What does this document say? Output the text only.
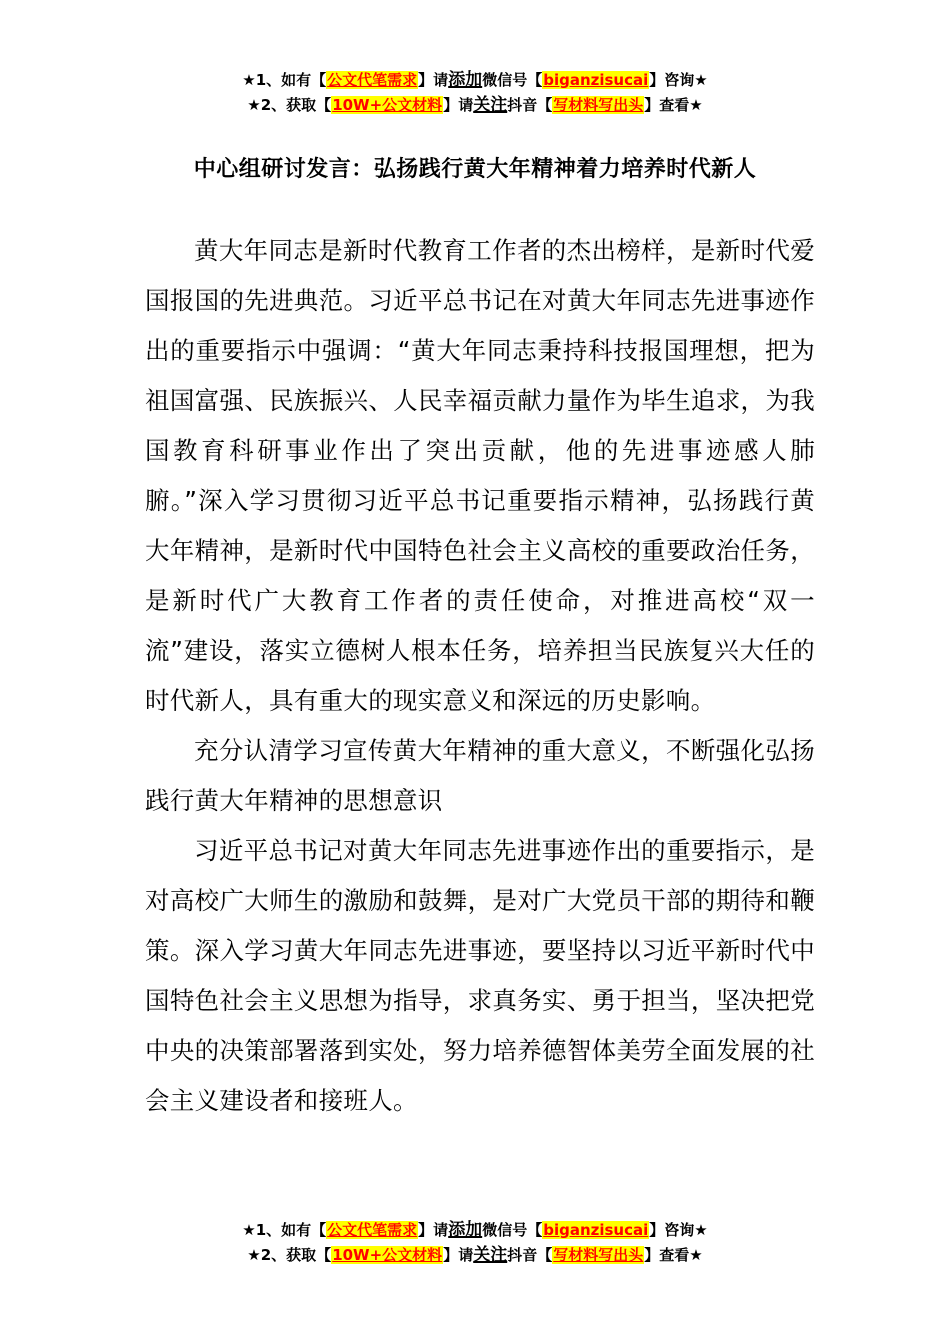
★1、如有【公文代笔需求】请添加微信号【biganzisucai】咨询★
★2、获取【10W+公文材料】请关注抖音【写材料写出头】查看★
中心组研讨发言：弘扬践行黄大年精神着力培养时代新人

黄大年同志是新时代教育工作者的杰出榜样，是新时代爱国报国的先进典范。习近平总书记在对黄大年同志先进事迹作出的重要指示中强调：“黄大年同志秉持科技报国理想，把为祖国富强、民族振兴、人民幸福贡献力量作为毕生追求，为我国教育科研事业作出了突出贡献，他的先进事迹感人肺腑。”深入学习贯彻习近平总书记重要指示精神，弘扬践行黄大年精神，是新时代中国特色社会主义高校的重要政治任务，是新时代广大教育工作者的责任使命，对推进高校“双一流”建设，落实立德树人根本任务，培养担当民族复兴大任的时代新人，具有重大的现实意义和深远的历史影响。

充分认清学习宣传黄大年精神的重大意义，不断强化弘扬践行黄大年精神的思想意识

习近平总书记对黄大年同志先进事迹作出的重要指示，是对高校广大师生的激励和鼓舞，是对广大党员干部的期待和鞭策。深入学习黄大年同志先进事迹，要坚持以习近平新时代中国特色社会主义思想为指导，求真务实、勇于担当，坚决把党中央的决策部署落到实处，努力培养德智体美劳全面发展的社会主义建设者和接班人。

★1、如有【公文代笔需求】请添加微信号【biganzisucai】咨询★
★2、获取【10W+公文材料】请关注抖音【写材料写出头】查看★
